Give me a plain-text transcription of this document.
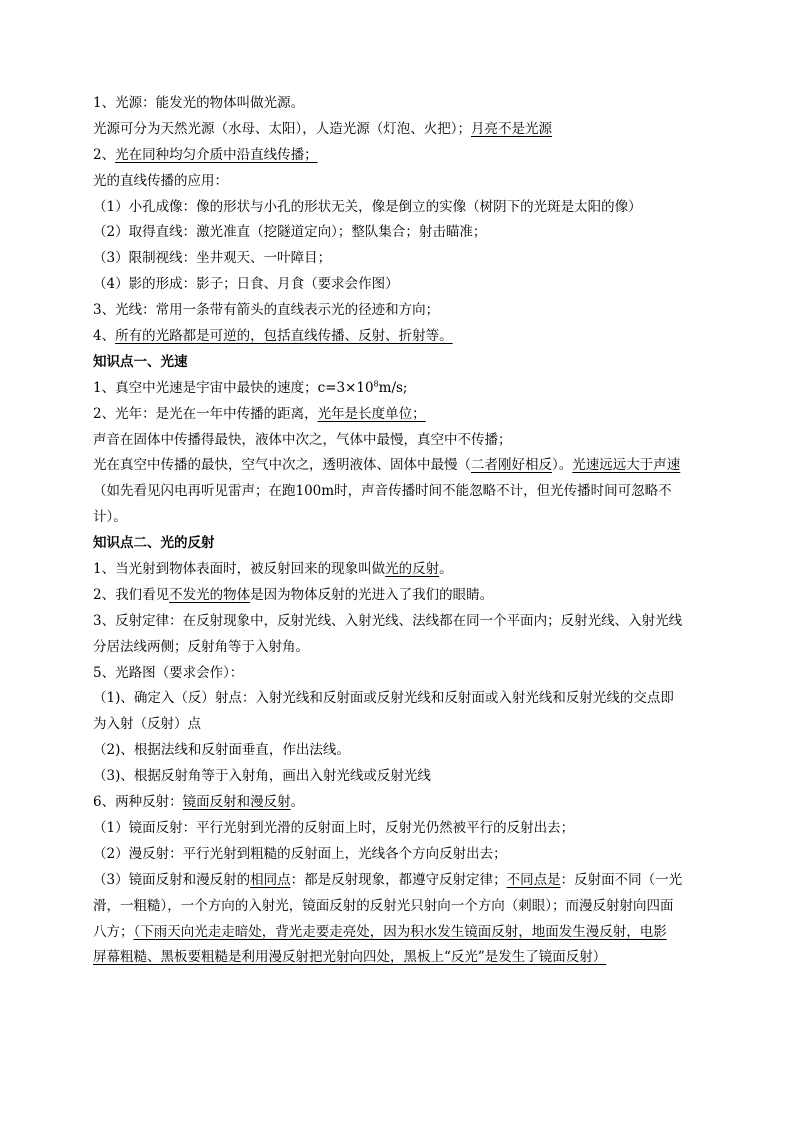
1、光源：能发光的物体叫做光源。
光源可分为天然光源（水母、太阳），人造光源（灯泡、火把）；月亮不是光源
2、光在同种均匀介质中沿直线传播；
光的直线传播的应用：
（1）小孔成像：像的形状与小孔的形状无关，像是倒立的实像（树阴下的光斑是太阳的像）
（2）取得直线：激光准直（挖隧道定向）；整队集合；射击瞄准；
（3）限制视线：坐井观天、一叶障目；
（4）影的形成：影子；日食、月食（要求会作图）
3、光线：常用一条带有箭头的直线表示光的径迹和方向；
4、所有的光路都是可逆的，包括直线传播、反射、折射等。
知识点一、光速
1、真空中光速是宇宙中最快的速度；$c=3\times 10^8m/s$;
2、光年：是光在一年中传播的距离，光年是长度单位；
声音在固体中传播得最快，液体中次之，气体中最慢，真空中不传播；
光在真空中传播的最快，空气中次之，透明液体、固体中最慢（二者刚好相反）。光速远远大于声速
（如先看见闪电再听见雷声；在跑100m时，声音传播时间不能忽略不计，但光传播时间可忽略不
计）。
知识点二、光的反射
1、当光射到物体表面时，被反射回来的现象叫做光的反射。
2、我们看见不发光的物体是因为物体反射的光进入了我们的眼睛。
3、反射定律：在反射现象中，反射光线、入射光线、法线都在同一个平面内；反射光线、入射光线
分居法线两侧；反射角等于入射角。
5、光路图（要求会作）：
（1)、确定入（反）射点：入射光线和反射面或反射光线和反射面或入射光线和反射光线的交点即
为入射（反射）点
（2)、根据法线和反射面垂直，作出法线。
（3)、根据反射角等于入射角，画出入射光线或反射光线
6、两种反射：镜面反射和漫反射。
（1）镜面反射：平行光射到光滑的反射面上时，反射光仍然被平行的反射出去；
（2）漫反射：平行光射到粗糙的反射面上，光线各个方向反射出去；
（3）镜面反射和漫反射的相同点：都是反射现象，都遵守反射定律；不同点是：反射面不同（一光
滑，一粗糙），一个方向的入射光，镜面反射的反射光只射向一个方向（刺眼）；而漫反射射向四面
八方；（下雨天向光走走暗处，背光走要走亮处，因为积水发生镜面反射，地面发生漫反射，电影
屏幕粗糙、黑板要粗糙是利用漫反射把光射向四处，黑板上“反光”是发生了镜面反射）
